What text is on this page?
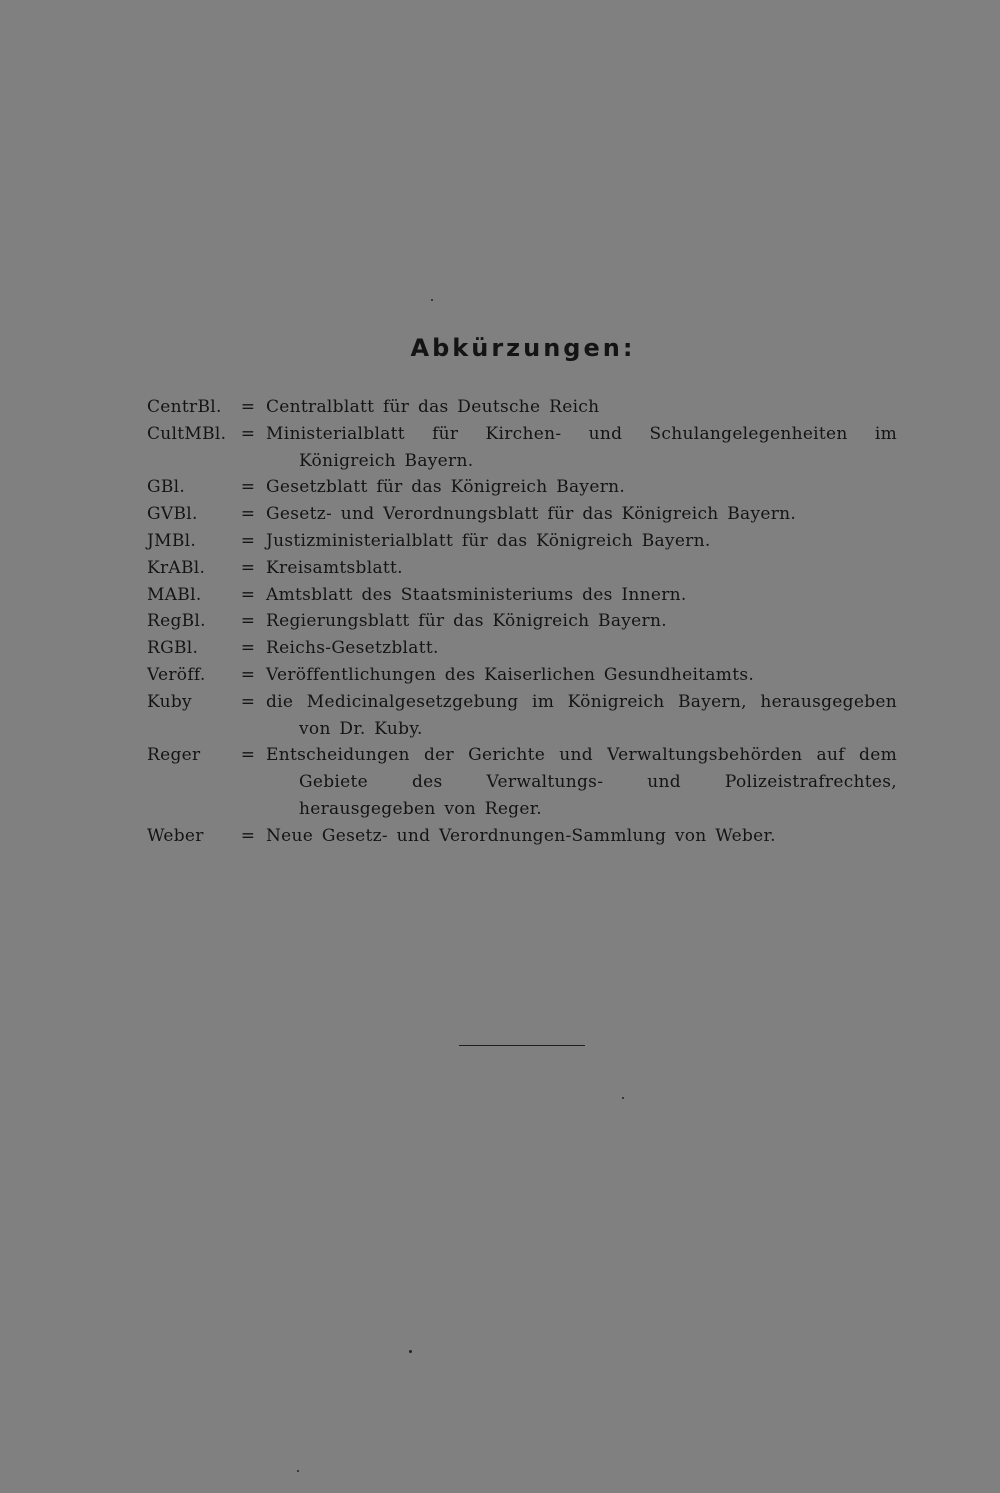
Abkürzungen:
CentrBl.	= Centralblatt für das Deutsche Reich
CultMBl. = Ministerialblatt für Kirchen- und Schulangelegenheiten im Königreich Bayern.
GBl.	= Gesetzblatt für das Königreich Bayern.
GVBl.	= Gesetz- und Verordnungsblatt für das Königreich Bayern.
JMBl.	= Justizministerialblatt für das Königreich Bayern.
KrABl.	= Kreisamtsblatt.
MABl.	= Amtsblatt des Staatsministeriums des Innern.
RegBl.	= Regierungsblatt für das Königreich Bayern.
RGBl.	= Reichs-Gesetzblatt.
Veröff.	= Veröffentlichungen des Kaiserlichen Gesundheitamts.
Kuby	= die Medicinalgesetzgebung im Königreich Bayern, herausgegeben von Dr. Kuby.
Reger	= Entscheidungen der Gerichte und Verwaltungsbehörden auf dem Gebiete des Verwaltungs- und Polizeistrafrechtes, herausgegeben von Reger.
Weber	= Neue Gesetz- und Verordnungen-Sammlung von Weber.
